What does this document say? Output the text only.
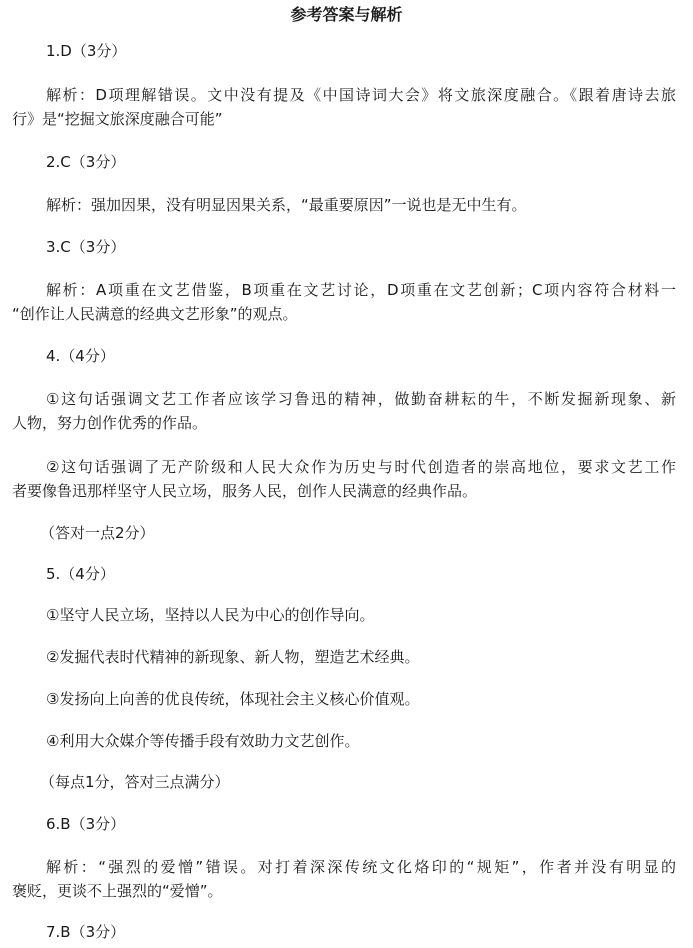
参考答案与解析

1.D（3分）

解析：D项理解错误。文中没有提及《中国诗词大会》将文旅深度融合。《跟着唐诗去旅

行》是“挖掘文旅深度融合可能”

2.C（3分）

解析：强加因果，没有明显因果关系，“最重要原因”一说也是无中生有。

3.C（3分）

解析：A项重在文艺借鉴，B项重在文艺讨论，D项重在文艺创新；C项内容符合材料一

“创作让人民满意的经典文艺形象”的观点。

4.（4分）

①这句话强调文艺工作者应该学习鲁迅的精神，做勤奋耕耘的牛，不断发掘新现象、新

人物，努力创作优秀的作品。

②这句话强调了无产阶级和人民大众作为历史与时代创造者的崇高地位，要求文艺工作

者要像鲁迅那样坚守人民立场，服务人民，创作人民满意的经典作品。

（答对一点2分）

5.（4分）

①坚守人民立场，坚持以人民为中心的创作导向。

②发掘代表时代精神的新现象、新人物，塑造艺术经典。

③发扬向上向善的优良传统，体现社会主义核心价值观。

④利用大众媒介等传播手段有效助力文艺创作。

（每点1分，答对三点满分）

6.B（3分）

解析：“强烈的爱憎”错误。对打着深深传统文化烙印的“规矩”，作者并没有明显的

褒贬，更谈不上强烈的“爱憎”。

7.B（3分）
